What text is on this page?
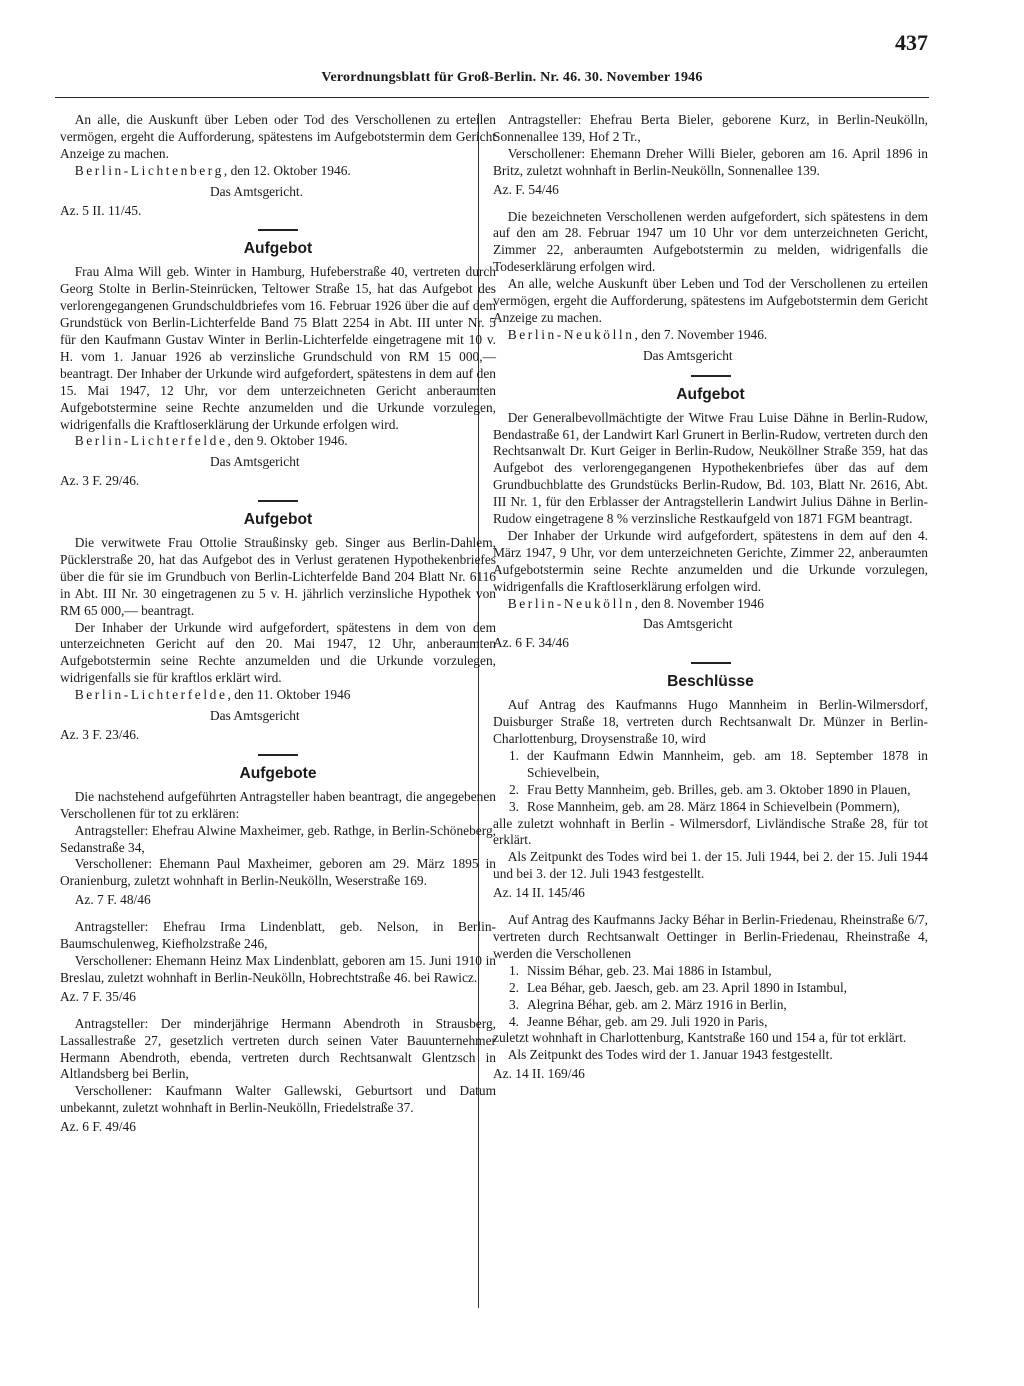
437
Verordnungsblatt für Groß-Berlin. Nr. 46. 30. November 1946

An alle, die Auskunft über Leben oder Tod des Verschollenen zu erteilen vermögen, ergeht die Aufforderung, spätestens im Aufgebotstermin dem Gericht Anzeige zu machen.

Berlin-Lichtenberg, den 12. Oktober 1946.

Das Amtsgericht.

Az. 5 II. 11/45.

Aufgebot

Frau Alma Will geb. Winter in Hamburg, Hufeberstraße 40, vertreten durch Georg Stolte in Berlin-Steinrücken, Teltower Straße 15, hat das Aufgebot des verlorengegangenen Grundschuldbriefes vom 16. Februar 1926 über die auf dem Grundstück von Berlin-Lichterfelde Band 75 Blatt 2254 in Abt. III unter Nr. 5 für den Kaufmann Gustav Winter in Berlin-Lichterfelde eingetragene mit 10 v. H. vom 1. Januar 1926 ab verzinsliche Grundschuld von RM 15 000,— beantragt. Der Inhaber der Urkunde wird aufgefordert, spätestens in dem auf den 15. Mai 1947, 12 Uhr, vor dem unterzeichneten Gericht anberaumten Aufgebotstermine seine Rechte anzumelden und die Urkunde vorzulegen, widrigenfalls die Kraftloserklärung der Urkunde erfolgen wird.

Berlin-Lichterfelde, den 9. Oktober 1946.

Das Amtsgericht

Az. 3 F. 29/46.

Aufgebot

Die verwitwete Frau Ottolie Straußinsky geb. Singer aus Berlin-Dahlem, Pücklerstraße 20, hat das Aufgebot des in Verlust geratenen Hypothekenbriefes über die für sie im Grundbuch von Berlin-Lichterfelde Band 204 Blatt Nr. 6116 in Abt. III Nr. 30 eingetragenen zu 5 v. H. jährlich verzinsliche Hypothek von RM 65 000,— beantragt.

Der Inhaber der Urkunde wird aufgefordert, spätestens in dem von dem unterzeichneten Gericht auf den 20. Mai 1947, 12 Uhr, anberaumten Aufgebotstermin seine Rechte anzumelden und die Urkunde vorzulegen, widrigenfalls sie für kraftlos erklärt wird.

Berlin-Lichterfelde, den 11. Oktober 1946

Das Amtsgericht

Az. 3 F. 23/46.

Aufgebote

Die nachstehend aufgeführten Antragsteller haben beantragt, die angegebenen Verschollenen für tot zu erklären:

Antragsteller: Ehefrau Alwine Maxheimer, geb. Rathge, in Berlin-Schöneberg, Sedanstraße 34,

Verschollener: Ehemann Paul Maxheimer, geboren am 29. März 1895 in Oranienburg, zuletzt wohnhaft in Berlin-Neukölln, Weserstraße 169.

Az. 7 F. 48/46

Antragsteller: Ehefrau Irma Lindenblatt, geb. Nelson, in Berlin-Baumschulenweg, Kiefholzstraße 246,

Verschollener: Ehemann Heinz Max Lindenblatt, geboren am 15. Juni 1910 in Breslau, zuletzt wohnhaft in Berlin-Neukölln, Hobrechtstraße 46. bei Rawicz.

Az. 7 F. 35/46

Antragsteller: Der minderjährige Hermann Abendroth in Strausberg, Lassallestraße 27, gesetzlich vertreten durch seinen Vater Bauunternehmer Hermann Abendroth, ebenda, vertreten durch Rechtsanwalt Glentzsch in Altlandsberg bei Berlin,

Verschollener: Kaufmann Walter Gallewski, Geburtsort und Datum unbekannt, zuletzt wohnhaft in Berlin-Neukölln, Friedelstraße 37.

Az. 6 F. 49/46

Antragsteller: Ehefrau Berta Bieler, geborene Kurz, in Berlin-Neukölln, Sonnenallee 139, Hof 2 Tr.,

Verschollener: Ehemann Dreher Willi Bieler, geboren am 16. April 1896 in Britz, zuletzt wohnhaft in Berlin-Neukölln, Sonnenallee 139.

Az. F. 54/46

Die bezeichneten Verschollenen werden aufgefordert, sich spätestens in dem auf den am 28. Februar 1947 um 10 Uhr vor dem unterzeichneten Gericht, Zimmer 22, anberaumten Aufgebotstermin zu melden, widrigenfalls die Todeserklärung erfolgen wird.

An alle, welche Auskunft über Leben und Tod der Verschollenen zu erteilen vermögen, ergeht die Aufforderung, spätestens im Aufgebotstermin dem Gericht Anzeige zu machen.

Berlin-Neukölln, den 7. November 1946.

Das Amtsgericht

Aufgebot

Der Generalbevollmächtigte der Witwe Frau Luise Dähne in Berlin-Rudow, Bendastraße 61, der Landwirt Karl Grunert in Berlin-Rudow, vertreten durch den Rechtsanwalt Dr. Kurt Geiger in Berlin-Rudow, Neuköllner Straße 359, hat das Aufgebot des verlorengegangenen Hypothekenbriefes über das auf dem Grundbuchblatte des Grundstücks Berlin-Rudow, Bd. 103, Blatt Nr. 2616, Abt. III Nr. 1, für den Erblasser der Antragstellerin Landwirt Julius Dähne in Berlin-Rudow eingetragene 8 % verzinsliche Restkaufgeld von 1871 FGM beantragt.

Der Inhaber der Urkunde wird aufgefordert, spätestens in dem auf den 4. März 1947, 9 Uhr, vor dem unterzeichneten Gerichte, Zimmer 22, anberaumten Aufgebotstermin seine Rechte anzumelden und die Urkunde vorzulegen, widrigenfalls die Kraftloserklärung erfolgen wird.

Berlin-Neukölln, den 8. November 1946

Das Amtsgericht

Az. 6 F. 34/46

Beschlüsse

Auf Antrag des Kaufmanns Hugo Mannheim in Berlin-Wilmersdorf, Duisburger Straße 18, vertreten durch Rechtsanwalt Dr. Münzer in Berlin-Charlottenburg, Droysenstraße 10, wird

1. der Kaufmann Edwin Mannheim, geb. am 18. September 1878 in Schievelbein,
2. Frau Betty Mannheim, geb. Brilles, geb. am 3. Oktober 1890 in Plauen,
3. Rose Mannheim, geb. am 28. März 1864 in Schievelbein (Pommern),

alle zuletzt wohnhaft in Berlin - Wilmersdorf, Livländische Straße 28, für tot erklärt.

Als Zeitpunkt des Todes wird bei 1. der 15. Juli 1944, bei 2. der 15. Juli 1944 und bei 3. der 12. Juli 1943 festgestellt.

Az. 14 II. 145/46

Auf Antrag des Kaufmanns Jacky Béhar in Berlin-Friedenau, Rheinstraße 6/7, vertreten durch Rechtsanwalt Oettinger in Berlin-Friedenau, Rheinstraße 4, werden die Verschollenen

1. Nissim Béhar, geb. 23. Mai 1886 in Istambul,
2. Lea Béhar, geb. Jaesch, geb. am 23. April 1890 in Istambul,
3. Alegrina Béhar, geb. am 2. März 1916 in Berlin,
4. Jeanne Béhar, geb. am 29. Juli 1920 in Paris,

zuletzt wohnhaft in Charlottenburg, Kantstraße 160 und 154 a, für tot erklärt.

Als Zeitpunkt des Todes wird der 1. Januar 1943 festgestellt.

Az. 14 II. 169/46
